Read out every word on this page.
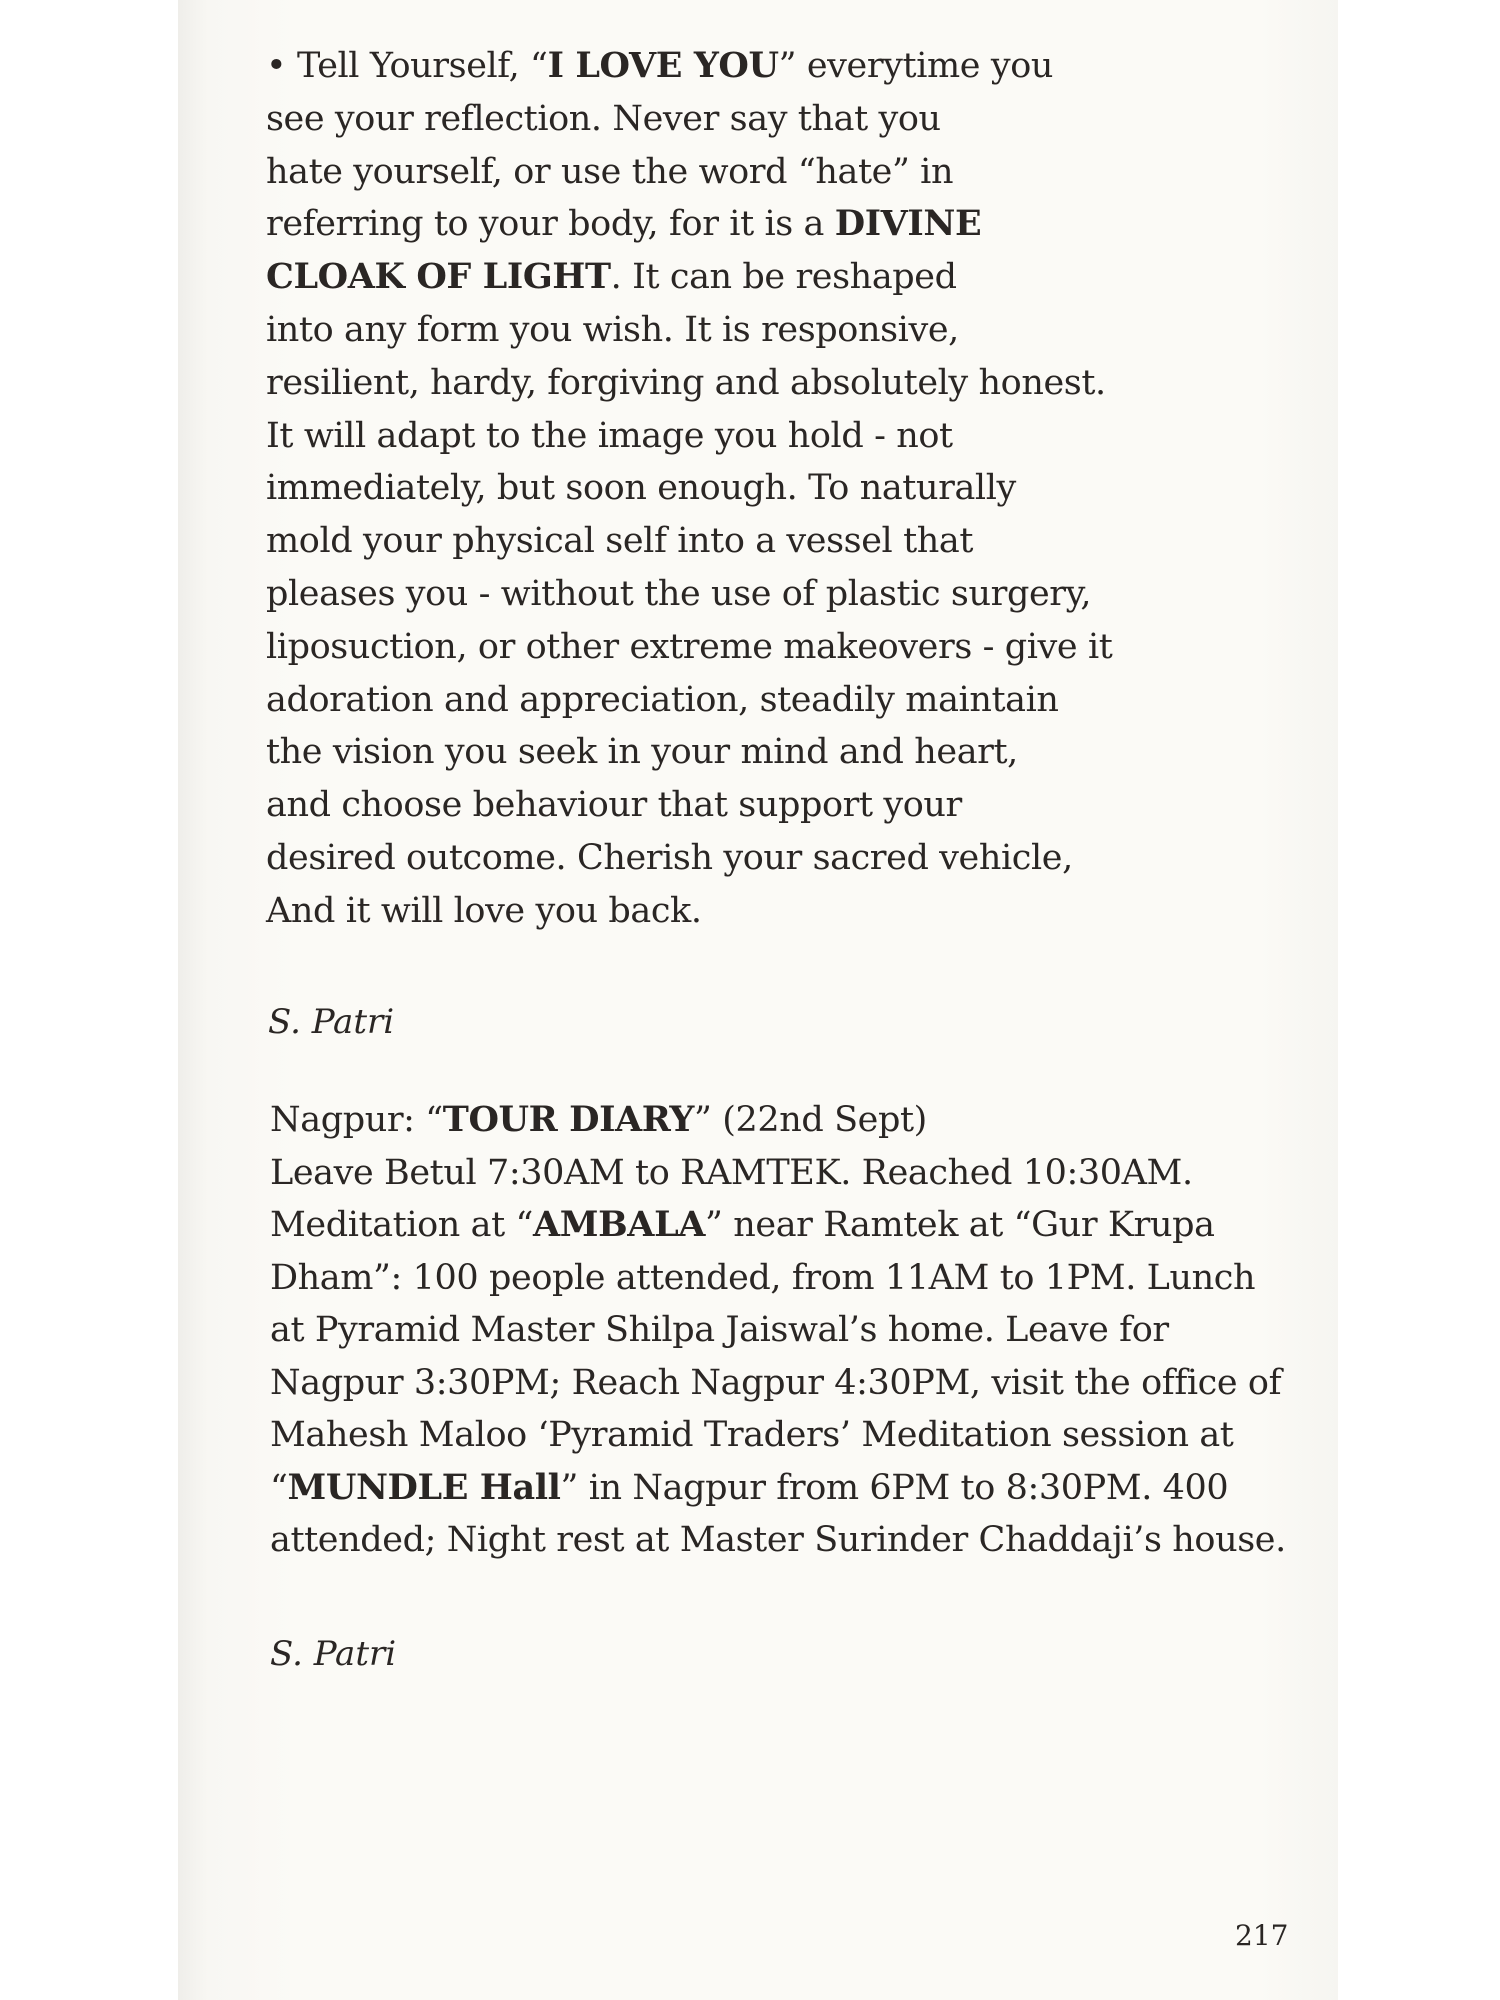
• Tell Yourself, “I LOVE YOU” everytime you
see your reflection. Never say that you
hate yourself, or use the word “hate” in
referring to your body, for it is a DIVINE
CLOAK OF LIGHT. It can be reshaped
into any form you wish. It is responsive,
resilient, hardy, forgiving and absolutely honest.
It will adapt to the image you hold - not
immediately, but soon enough. To naturally
mold your physical self into a vessel that
pleases you - without the use of plastic surgery,
liposuction, or other extreme makeovers - give it
adoration and appreciation, steadily maintain
the vision you seek in your mind and heart,
and choose behaviour that support your
desired outcome. Cherish your sacred vehicle,
And it will love you back.
S. Patri
Nagpur: “TOUR DIARY” (22nd Sept)
Leave Betul 7:30AM to RAMTEK. Reached 10:30AM.
Meditation at “AMBALA” near Ramtek at “Gur Krupa
Dham”: 100 people attended, from 11AM to 1PM. Lunch
at Pyramid Master Shilpa Jaiswal’s home. Leave for
Nagpur 3:30PM; Reach Nagpur 4:30PM, visit the office of
Mahesh Maloo ‘Pyramid Traders’ Meditation session at
“MUNDLE Hall” in Nagpur from 6PM to 8:30PM. 400
attended; Night rest at Master Surinder Chaddaji’s house.
S. Patri
217
